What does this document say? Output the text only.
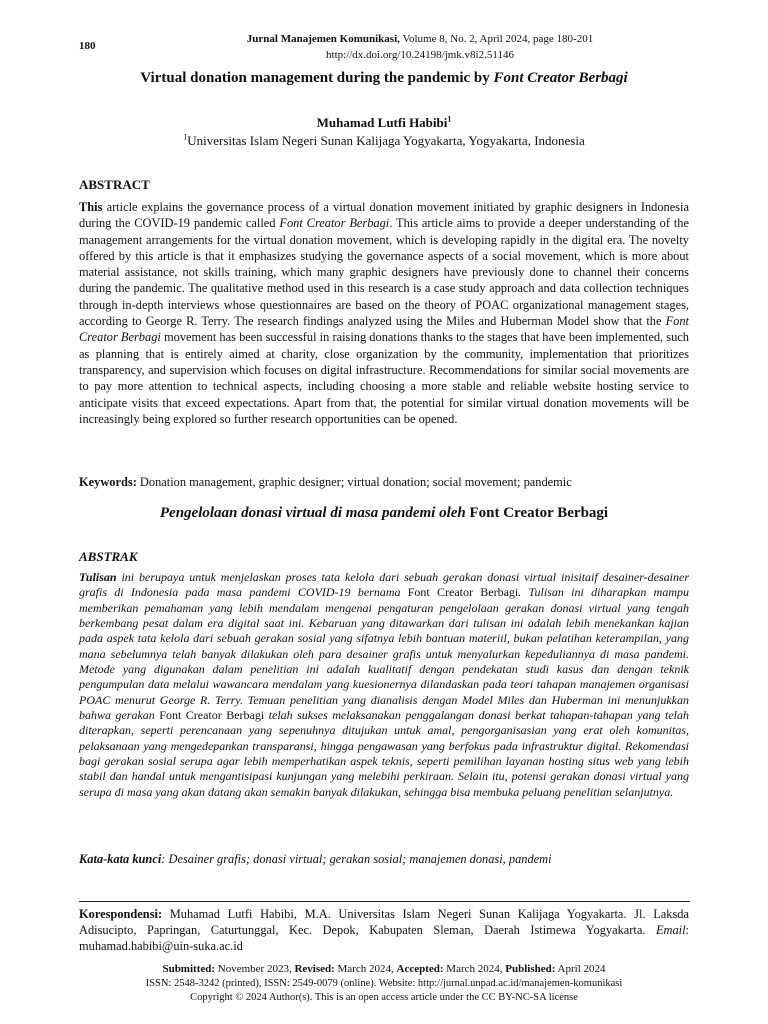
180
Jurnal Manajemen Komunikasi, Volume 8, No. 2, April 2024, page 180-201
http://dx.doi.org/10.24198/jmk.v8i2.51146
Virtual donation management during the pandemic by Font Creator Berbagi
Muhamad Lutfi Habibi$^1$
$^1$Universitas Islam Negeri Sunan Kalijaga Yogyakarta, Yogyakarta, Indonesia
ABSTRACT

This article explains the governance process of a virtual donation movement initiated by graphic designers in Indonesia during the COVID-19 pandemic called Font Creator Berbagi. This article aims to provide a deeper understanding of the management arrangements for the virtual donation movement, which is developing rapidly in the digital era. The novelty offered by this article is that it emphasizes studying the governance aspects of a social movement, which is more about material assistance, not skills training, which many graphic designers have previously done to channel their concerns during the pandemic. The qualitative method used in this research is a case study approach and data collection techniques through in-depth interviews whose questionnaires are based on the theory of POAC organizational management stages, according to George R. Terry. The research findings analyzed using the Miles and Huberman Model show that the Font Creator Berbagi movement has been successful in raising donations thanks to the stages that have been implemented, such as planning that is entirely aimed at charity, close organization by the community, implementation that prioritizes transparency, and supervision which focuses on digital infrastructure. Recommendations for similar social movements are to pay more attention to technical aspects, including choosing a more stable and reliable website hosting service to anticipate visits that exceed expectations. Apart from that, the potential for similar virtual donation movements will be increasingly being explored so further research opportunities can be opened.

Keywords: Donation management, graphic designer; virtual donation; social movement; pandemic
Pengelolaan donasi virtual di masa pandemi oleh Font Creator Berbagi
ABSTRAK

Tulisan ini berupaya untuk menjelaskan proses tata kelola dari sebuah gerakan donasi virtual inisitaif desainer-desainer grafis di Indonesia pada masa pandemi COVID-19 bernama Font Creator Berbagi. Tulisan ini diharapkan mampu memberikan pemahaman yang lebih mendalam mengenai pengaturan pengelolaan gerakan donasi virtual yang tengah berkembang pesat dalam era digital saat ini. Kebaruan yang ditawarkan dari tulisan ini adalah lebih menekankan kajian pada aspek tata kelola dari sebuah gerakan sosial yang sifatnya lebih bantuan materiil, bukan pelatihan keterampilan, yang mana sebelumnya telah banyak dilakukan oleh para desainer grafis untuk menyalurkan kepeduliannya di masa pandemi. Metode yang digunakan dalam penelitian ini adalah kualitatif dengan pendekatan studi kasus dan dengan teknik pengumpulan data melalui wawancara mendalam yang kuesionernya dilandaskan pada teori tahapan manajemen organisasi POAC menurut George R. Terry. Temuan penelitian yang dianalisis dengan Model Miles dan Huberman ini menunjukkan bahwa gerakan Font Creator Berbagi telah sukses melaksanakan penggalangan donasi berkat tahapan-tahapan yang telah diterapkan, seperti perencanaan yang sepenuhnya ditujukan untuk amal, pengorganisasian yang erat oleh komunitas, pelaksanaan yang mengedepankan transparansi, hingga pengawasan yang berfokus pada infrastruktur digital. Rekomendasi bagi gerakan sosial serupa agar lebih memperhatikan aspek teknis, seperti pemilihan layanan hosting situs web yang lebih stabil dan handal untuk mengantisipasi kunjungan yang melebihi perkiraan. Selain itu, potensi gerakan donasi virtual yang serupa di masa yang akan datang akan semakin banyak dilakukan, sehingga bisa membuka peluang penelitian selanjutnya.

Kata-kata kunci: Desainer grafis; donasi virtual; gerakan sosial; manajemen donasi, pandemi

Korespondensi: Muhamad Lutfi Habibi, M.A. Universitas Islam Negeri Sunan Kalijaga Yogyakarta. Jl. Laksda Adisucipto, Papringan, Caturtunggal, Kec. Depok, Kabupaten Sleman, Daerah Istimewa Yogyakarta. Email: muhamad.habibi@uin-suka.ac.id

Submitted: November 2023, Revised: March 2024, Accepted: March 2024, Published: April 2024
ISSN: 2548-3242 (printed), ISSN: 2549-0079 (online). Website: http://jurnal.unpad.ac.id/manajemen-komunikasi
Copyright © 2024 Author(s). This is an open access article under the CC BY-NC-SA license
